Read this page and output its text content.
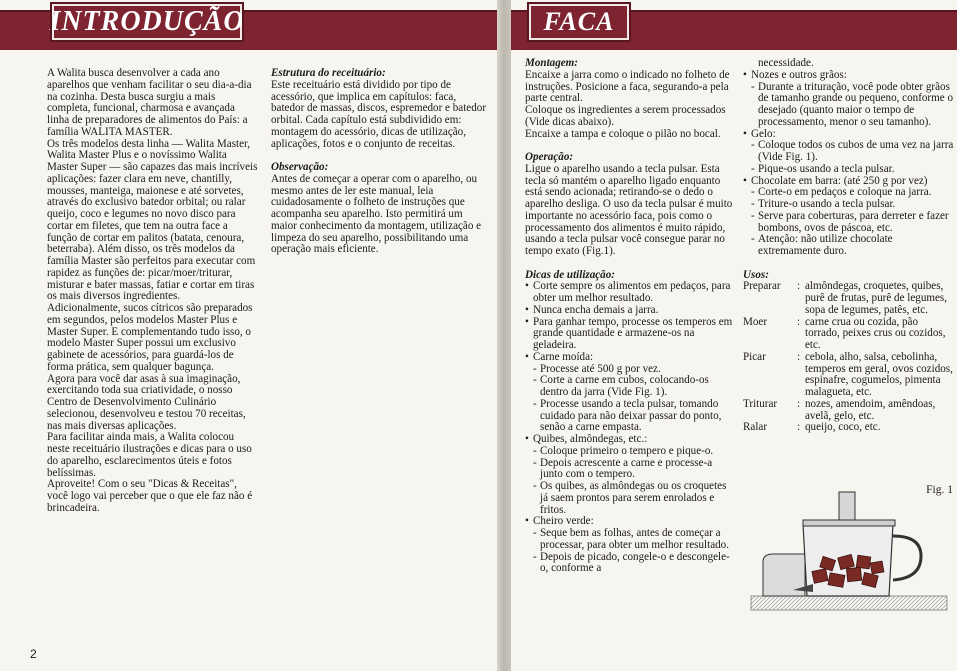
INTRODUÇÃO

A Walita busca desenvolver a cada ano aparelhos que venham facilitar o seu dia-a-dia na cozinha. Desta busca surgiu a mais completa, funcional, charmosa e avançada linha de preparadores de alimentos do País: a família WALITA MASTER.

Os três modelos desta linha — Walita Master, Walita Master Plus e o novíssimo Walita Master Super — são capazes das mais incríveis aplicações: fazer clara em neve, chantilly, mousses, manteiga, maionese e até sorvetes, através do exclusivo batedor orbital; ou ralar queijo, coco e legumes no novo disco para cortar em filetes, que tem na outra face a função de cortar em palitos (batata, cenoura, beterraba). Além disso, os três modelos da família Master são perfeitos para executar com rapidez as funções de: picar/moer/triturar, misturar e bater massas, fatiar e cortar em tiras os mais diversos ingredientes.

Adicionalmente, sucos cítricos são preparados em segundos, pelos modelos Master Plus e Master Super. E complementando tudo isso, o modelo Master Super possui um exclusivo gabinete de acessórios, para guardá-los de forma prática, sem qualquer bagunça.

Agora para você dar asas à sua imaginação, exercitando toda sua criatividade, o nosso Centro de Desenvolvimento Culinário selecionou, desenvolveu e testou 70 receitas, nas mais diversas aplicações.

Para facilitar ainda mais, a Walita colocou neste receituário ilustrações e dicas para o uso do aparelho, esclarecimentos úteis e fotos belíssimas.

Aproveite! Com o seu "Dicas & Receitas", você logo vai perceber que o que ele faz não é brincadeira.

Estrutura do receituário:

Este receituário está dividido por tipo de acessório, que implica em capítulos: faca, batedor de massas, discos, espremedor e batedor orbital. Cada capítulo está subdividido em: montagem do acessório, dicas de utilização, aplicações, fotos e o conjunto de receitas.

Observação:

Antes de começar a operar com o aparelho, ou mesmo antes de ler este manual, leia cuidadosamente o folheto de instruções que acompanha seu aparelho. Isto permitirá um maior conhecimento da montagem, utilização e limpeza do seu aparelho, possibilitando uma operação mais eficiente.

2
FACA

Montagem:

Encaixe a jarra como o indicado no folheto de instruções. Posicione a faca, segurando-a pela parte central.

Coloque os ingredientes a serem processados (Vide dicas abaixo).

Encaixe a tampa e coloque o pilão no bocal.

Operação:

Ligue o aparelho usando a tecla pulsar. Esta tecla só mantém o aparelho ligado enquanto está sendo acionada; retirando-se o dedo o aparelho desliga. O uso da tecla pulsar é muito importante no acessório faca, pois como o processamento dos alimentos é muito rápido, usando a tecla pulsar você consegue parar no tempo exato (Fig.1).

Dicas de utilização:

• Corte sempre os alimentos em pedaços, para obter um melhor resultado.
• Nunca encha demais a jarra.
• Para ganhar tempo, processe os temperos em grande quantidade e armazene-os na geladeira.
• Carne moída:
- Processe até 500 g por vez.
- Corte a carne em cubos, colocando-os dentro da jarra (Vide Fig. 1).
- Processe usando a tecla pulsar, tomando cuidado para não deixar passar do ponto, senão a carne empasta.
• Quibes, almôndegas, etc.:
- Coloque primeiro o tempero e pique-o.
- Depois acrescente a carne e processe-a junto com o tempero.
- Os quibes, as almôndegas ou os croquetes já saem prontos para serem enrolados e fritos.
• Cheiro verde:
- Seque bem as folhas, antes de começar a processar, para obter um melhor resultado.
- Depois de picado, congele-o e descongele-o, conforme a

necessidade.

• Nozes e outros grãos:
- Durante a trituração, você pode obter grãos de tamanho grande ou pequeno, conforme o desejado (quanto maior o tempo de processamento, menor o seu tamanho).
• Gelo:
- Coloque todos os cubos de uma vez na jarra (Vide Fig. 1).
- Pique-os usando a tecla pulsar.
• Chocolate em barra: (até 250 g por vez)
- Corte-o em pedaços e coloque na jarra.
- Triture-o usando a tecla pulsar.
- Serve para coberturas, para derreter e fazer bombons, ovos de páscoa, etc.
- Atenção: não utilize chocolate extremamente duro.

Usos:

Preparar	:	almôndegas, croquetes, quibes, purê de frutas, purê de legumes, sopa de legumes, patês, etc.
Moer	:	carne crua ou cozida, pão torrado, peixes crus ou cozidos, etc.
Picar	:	cebola, alho, salsa, cebolinha, temperos em geral, ovos cozidos, espinafre, cogumelos, pimenta malagueta, etc.
Triturar	:	nozes, amendoim, amêndoas, avelã, gelo, etc.
Ralar	:	queijo, coco, etc.
Fig. 1
